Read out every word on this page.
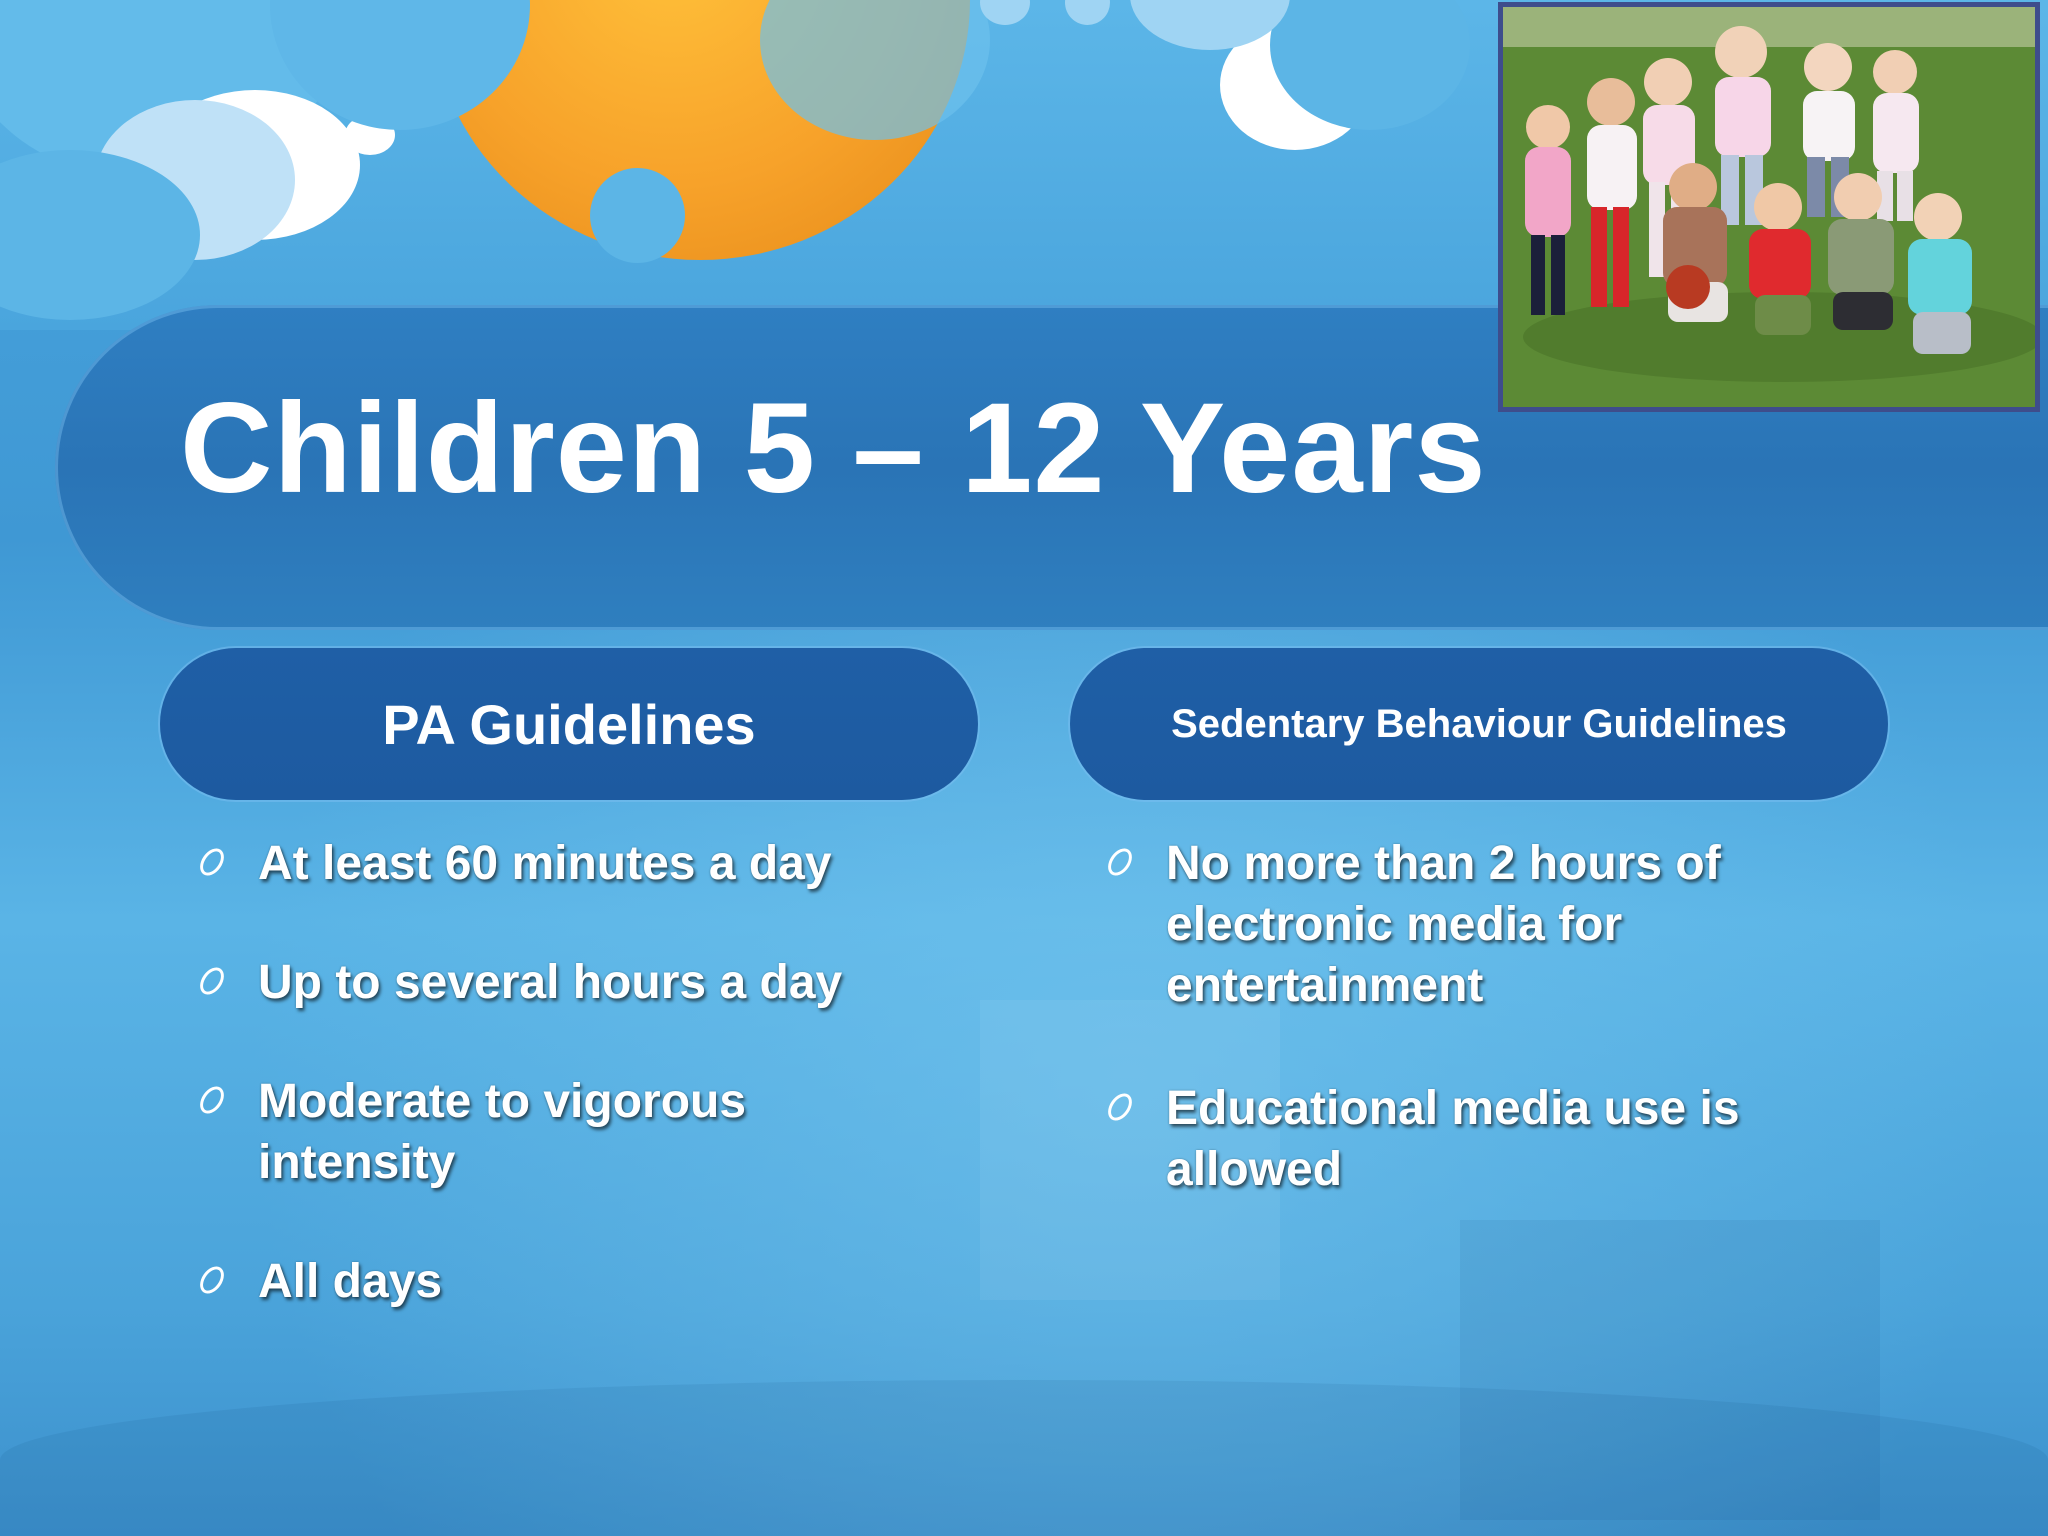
Children 5 – 12 Years
PA Guidelines	Sedentary Behaviour Guidelines
At least 60 minutes a day
Up to several hours a day
Moderate to vigorous intensity
All days
No more than 2 hours of electronic media for entertainment
Educational media use is allowed
